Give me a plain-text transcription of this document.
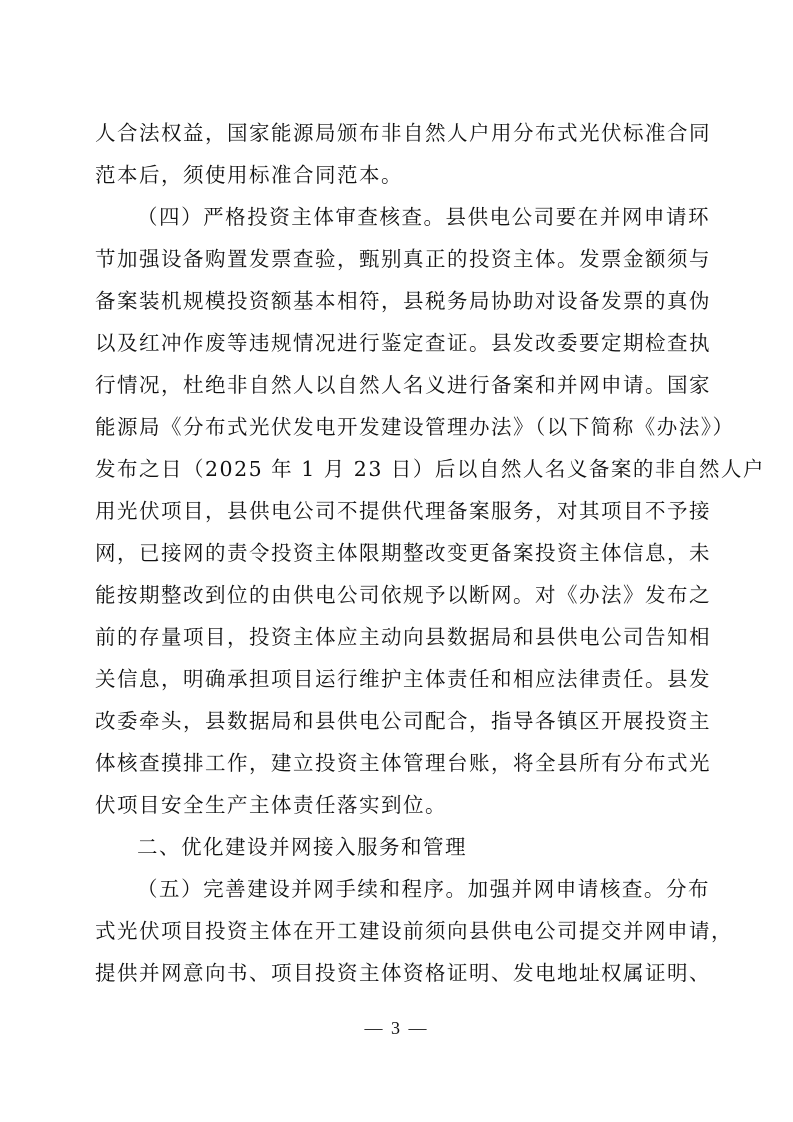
人合法权益，国家能源局颁布非自然人户用分布式光伏标准合同
范本后，须使用标准合同范本。
（四）严格投资主体审查核查。县供电公司要在并网申请环
节加强设备购置发票查验，甄别真正的投资主体。发票金额须与
备案装机规模投资额基本相符，县税务局协助对设备发票的真伪
以及红冲作废等违规情况进行鉴定查证。县发改委要定期检查执
行情况，杜绝非自然人以自然人名义进行备案和并网申请。国家
能源局《分布式光伏发电开发建设管理办法》（以下简称《办法》）
发布之日（2025 年 1 月 23 日）后以自然人名义备案的非自然人户
用光伏项目，县供电公司不提供代理备案服务，对其项目不予接
网，已接网的责令投资主体限期整改变更备案投资主体信息，未
能按期整改到位的由供电公司依规予以断网。对《办法》发布之
前的存量项目，投资主体应主动向县数据局和县供电公司告知相
关信息，明确承担项目运行维护主体责任和相应法律责任。县发
改委牵头，县数据局和县供电公司配合，指导各镇区开展投资主
体核查摸排工作，建立投资主体管理台账，将全县所有分布式光
伏项目安全生产主体责任落实到位。
二、优化建设并网接入服务和管理
（五）完善建设并网手续和程序。加强并网申请核查。分布
式光伏项目投资主体在开工建设前须向县供电公司提交并网申请，
提供并网意向书、项目投资主体资格证明、发电地址权属证明、
— 3 —
